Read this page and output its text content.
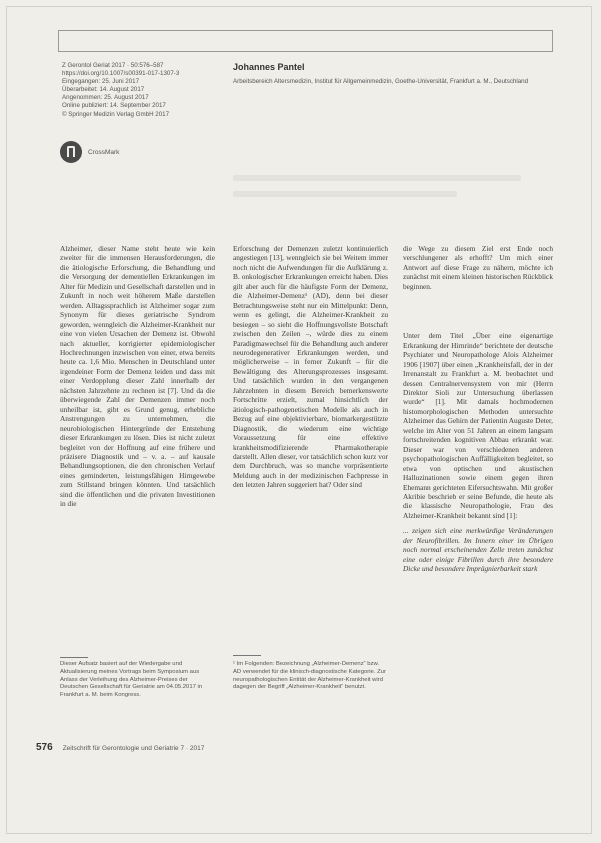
Z Gerontol Geriat 2017 · 50:576–587
https://doi.org/10.1007/s00391-017-1307-3
Eingegangen: 25. Juni 2017
Überarbeitet: 14. August 2017
Angenommen: 25. August 2017
Online publiziert: 14. September 2017
© Springer Medizin Verlag GmbH 2017
Johannes Pantel
Arbeitsbereich Altersmedizin, Institut für Allgemeinmedizin, Goethe-Universität, Frankfurt a. M., Deutschland
CrossMark

Alzheimer, dieser Name steht heute wie kein zweiter für die immensen Herausforderungen, die die ätiologische Erforschung, die Behandlung und die Versorgung der dementiellen Erkrankungen im Alter für Medizin und Gesellschaft darstellen und in Zukunft in noch weit höherem Maße darstellen werden. Alltagssprachlich ist Alzheimer sogar zum Synonym für dieses geriatrische Syndrom geworden, wenngleich die Alzheimer-Krankheit nur eine von vielen Ursachen der Demenz ist. Obwohl nach aktueller, korrigierter epidemiologischer Hochrechnungen inzwischen von einer, etwa bereits heute ca. 1,6 Mio. Menschen in Deutschland unter irgendeiner Form der Demenz leiden und dass mit einer Verdopplung dieser Zahl innerhalb der nächsten Jahrzehnte zu rechnen ist [7]. Und da die überwiegende Zahl der Demenzen immer noch unheilbar ist, gibt es Grund genug, erhebliche Anstrengungen zu unternehmen, die neurobiologischen Hintergründe der Entstehung dieser Erkrankungen zu lösen. Dies ist nicht zuletzt begleitet von der Hoffnung auf eine frühere und präzisere Diagnostik und – v. a. – auf kausale Behandlungsoptionen, die den chronischen Verlauf eines geminderten, leistungsfähigen Hirngewebe zum Stillstand bringen könnten. Und tatsächlich sind die öffentlichen und die privaten Investitionen in die

Erforschung der Demenzen zuletzt kontinuierlich angestiegen [13], wenngleich sie bei Weitem immer noch nicht die Aufwendungen für die Aufklärung z. B. onkologischer Erkrankungen erreicht haben. Dies gilt aber auch für die häufigste Form der Demenz, die Alzheimer-Demenz¹ (AD), denn bei dieser Betrachtungsweise steht nur ein Mittelpunkt: Denn, wenn es gelingt, die Alzheimer-Krankheit zu besiegen – so sieht die Hoffnungsvollste Botschaft zwischen den Zeilen –, würde dies zu einem Paradigmawechsel für die Behandlung auch anderer neurodegenerativer Erkrankungen werden, und möglicherweise – in ferner Zukunft – für die Bewältigung des Alterungsprozesses insgesamt. Und tatsächlich wurden in den vergangenen Jahrzehnten in diesem Bereich bemerkenswerte Fortschritte erzielt, zumal hinsichtlich der ätiologisch-pathogenetischen Modelle als auch in Bezug auf eine objektivierbare, biomarkergestützte Diagnostik, die wiederum eine wichtige Voraussetzung für eine effektive krankheitsmodifizierende Pharmakotherapie darstellt. Allen dieser, vor tatsächlich schon kurz vor dem Durchbruch, was so manche vorpräsentierte Meldung auch in der medizinischen Fachpresse in den letzten Jahren suggeriert hat? Oder sind

die Wege zu diesem Ziel erst Ende noch verschlungener als erhofft? Um mich einer Antwort auf diese Frage zu nähern, möchte ich zunächst mit einem kleinen historischen Rückblick beginnen.

Unter dem Titel „Über eine eigenartige Erkrankung der Hirnrinde“ berichtete der deutsche Psychiater und Neuropathologe Alois Alzheimer 1906 [1907] über einen „Krankheitsfall, der in der Irrenanstalt zu Frankfurt a. M. beobachtet und dessen Centralnervensystem von mir (Herrn Direktor Sioli zur Untersuchung überlassen wurde“ [1]. Mit damals hochmodernen histomorphologischen Methoden untersuchte Alzheimer das Gehirn der Patientin Auguste Deter, welche im Alter von 51 Jahren an einem langsam fortschreitenden kognitiven Abbau erkrankt war. Dieser war von verschiedenen anderen psychopathologischen Auffälligkeiten begleitet, so etwa von optischen und akustischen Halluzinationen sowie einem gegen ihren Ehemann gerichteten Eifersuchtswahn. Mit großer Akribie beschrieb er seine Befunde, die heute als die klassische Neuropathologie, Frau des Alzheimer-Krankheit bekannt sind [1]:

... zeigen sich eine merkwürdige Veränderungen der Neurofibrillen. Im Innern einer im Übrigen noch normal erscheinenden Zelle treten zunächst eine oder einige Fibrillen durch ihre besondere Dicke und besondere Imprägnierbarkeit stark

Dieser Aufsatz basiert auf der Wiedergabe und Aktualisierung meines Vortrags beim Symposium aus Anlass der Verleihung des Alzheimer-Preises der Deutschen Gesellschaft für Geriatrie am 04.05.2017 in Frankfurt a. M. beim Kongress.
¹ Im Folgenden: Bezeichnung „Alzheimer-Demenz“ bzw. AD verwendet für die klinisch-diagnostische Kategorie. Zur neuropathologischen Entität der Alzheimer-Krankheit wird dagegen der Begriff „Alzheimer-Krankheit“ benutzt.
576 Zeitschrift für Gerontologie und Geriatrie 7 · 2017
